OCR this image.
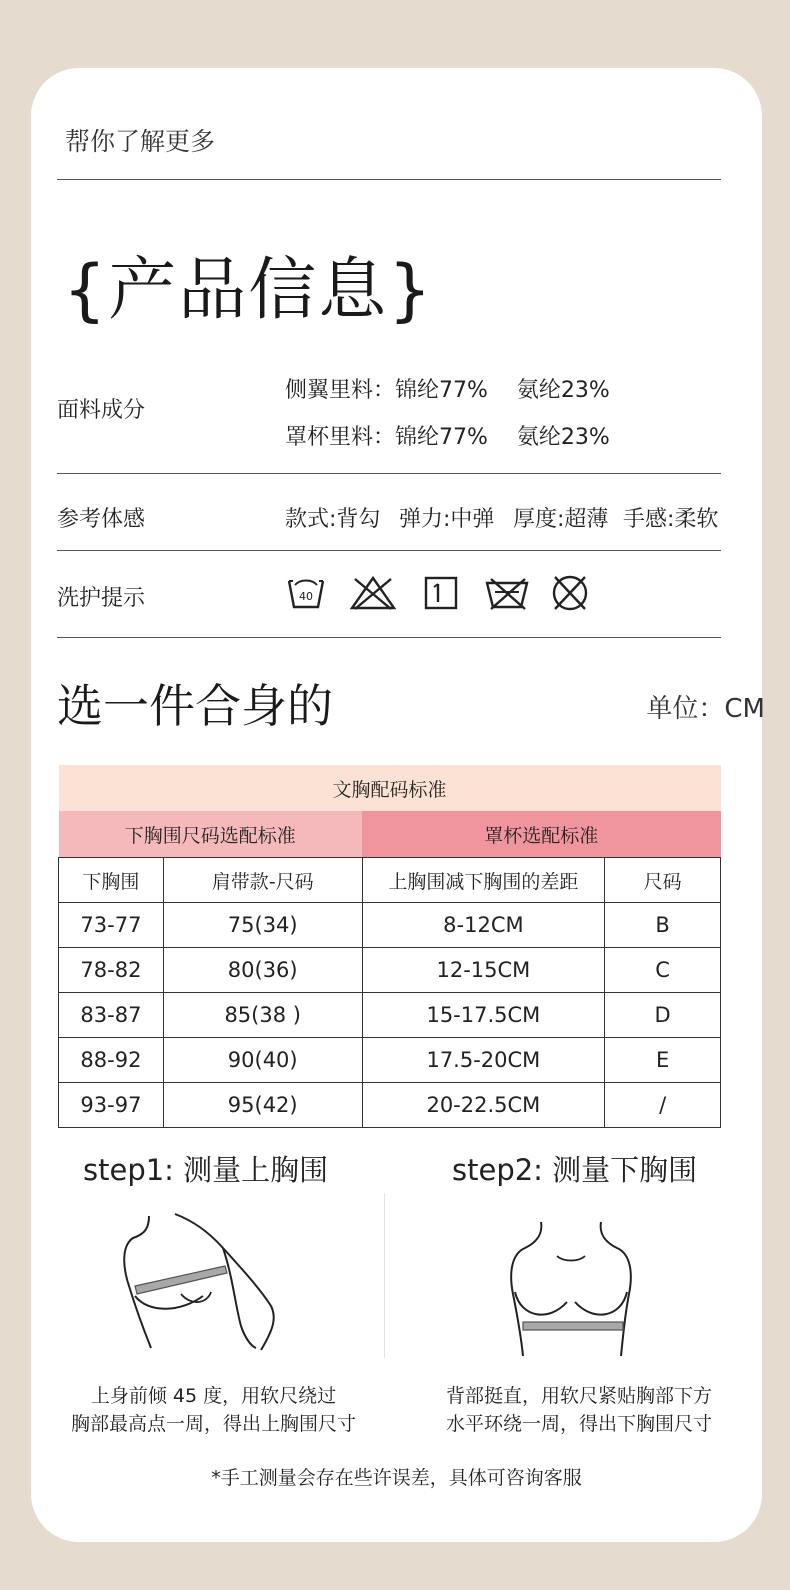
帮你了解更多
{产品信息}
面料成分
侧翼里料：锦纶77%　 氨纶23%
罩杯里料：锦纶77%　 氨纶23%
参考体感	款式:背勾 弹力:中弹 厚度:超薄 手感:柔软
洗护提示	40
选一件合身的	单位：CM
文胸配码标准			
下胸围尺码选配标准		罩杯选配标准	
下胸围	肩带款-尺码	上胸围减下胸围的差距	尺码
73-77	75(34)	8-12CM	B
78-82	80(36)	12-15CM	C
83-87	85(38 )	15-17.5CM	D
88-92	90(40)	17.5-20CM	E
93-97	95(42)	20-22.5CM	/
step1: 测量上胸围	step2: 测量下胸围
上身前倾 45 度，用软尺绕过
胸部最高点一周，得出上胸围尺寸
背部挺直，用软尺紧贴胸部下方
水平环绕一周，得出下胸围尺寸
*手工测量会存在些许误差，具体可咨询客服
